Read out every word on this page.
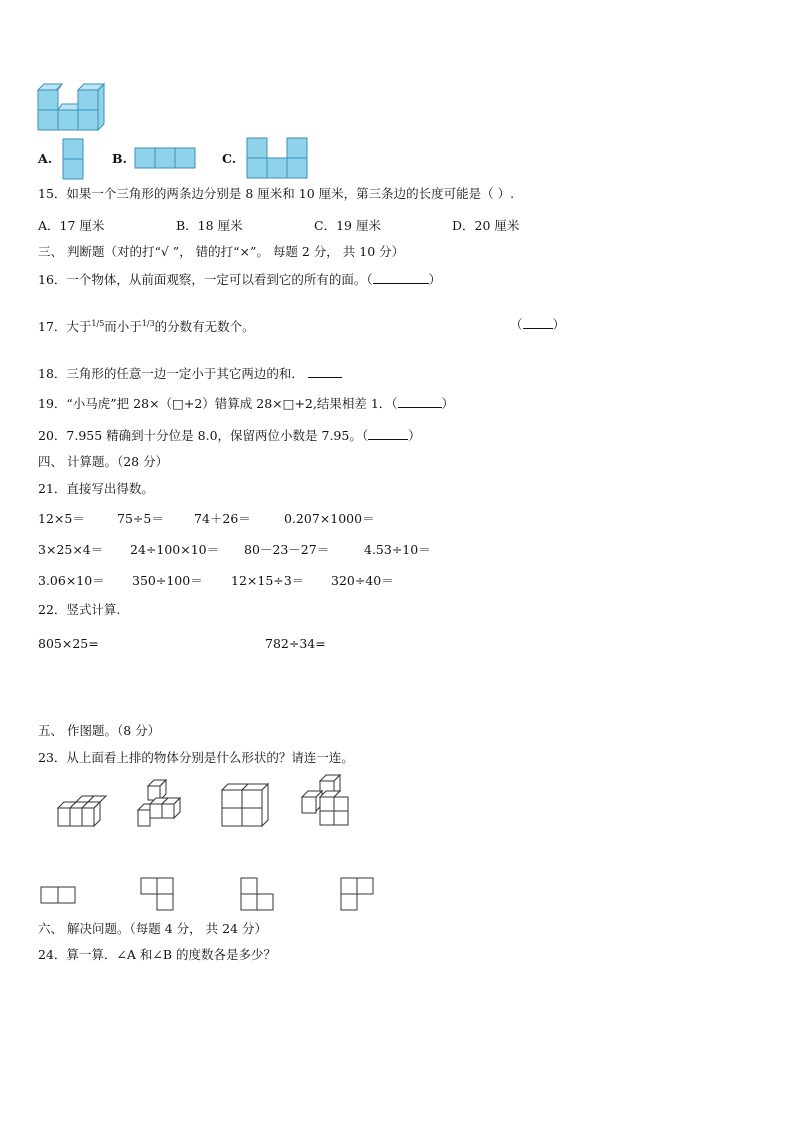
A.	B.	C.
15．如果一个三角形的两条边分别是 8 厘米和 10 厘米，第三条边的长度可能是（ ）.
A．17 厘米	B．18 厘米	C．19 厘米	D．20 厘米
三、 判断题（对的打“√ ”， 错的打“×”。 每题 2 分， 共 10 分）
16．一个物体，从前面观察，一定可以看到它的所有的面。（	）
17．大于$^{1/5}$而小于$^{1/3}$的分数有无数个。	（ ）
18．三角形的任意一边一定小于其它两边的和．
19．“小马虎”把 28×（□+2）错算成 28×□+2,结果相差 1．（	）
20．7.955 精确到十分位是 8.0，保留两位小数是 7.95。（	）
四、 计算题。（28 分）
21．直接写出得数。
12×5＝	75÷5＝ 74＋26＝	0.207×1000＝
3×25×4＝ 24÷100×10＝ 80－23－27＝	4.53÷10＝
3.06×10＝ 350÷100＝ 12×15÷3＝ 320÷40＝
22．竖式计算.
805×25=	782÷34=
五、 作图题。（8 分）
23．从上面看上排的物体分别是什么形状的？请连一连。
六、 解决问题。（每题 4 分， 共 24 分）
24．算一算．∠A 和∠B 的度数各是多少？
